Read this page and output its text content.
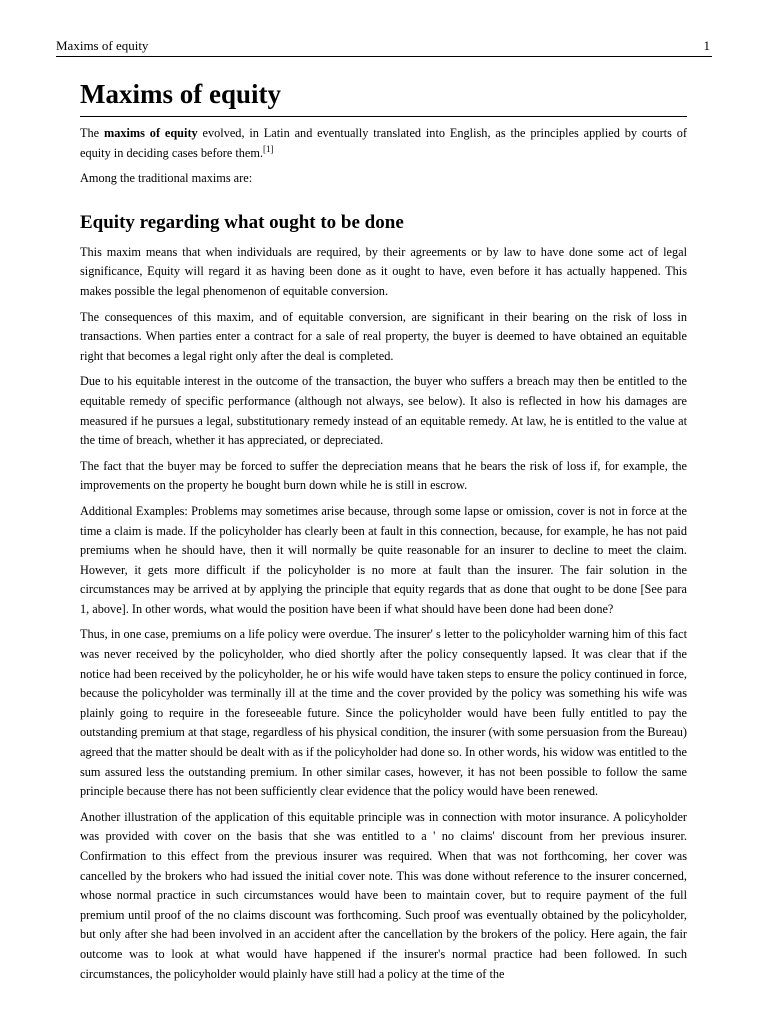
Maxims of equity	1
Maxims of equity

The maxims of equity evolved, in Latin and eventually translated into English, as the principles applied by courts of equity in deciding cases before them.[1]

Among the traditional maxims are:

Equity regarding what ought to be done

This maxim means that when individuals are required, by their agreements or by law to have done some act of legal significance, Equity will regard it as having been done as it ought to have, even before it has actually happened. This makes possible the legal phenomenon of equitable conversion.

The consequences of this maxim, and of equitable conversion, are significant in their bearing on the risk of loss in transactions. When parties enter a contract for a sale of real property, the buyer is deemed to have obtained an equitable right that becomes a legal right only after the deal is completed.

Due to his equitable interest in the outcome of the transaction, the buyer who suffers a breach may then be entitled to the equitable remedy of specific performance (although not always, see below). It also is reflected in how his damages are measured if he pursues a legal, substitutionary remedy instead of an equitable remedy. At law, he is entitled to the value at the time of breach, whether it has appreciated, or depreciated.

The fact that the buyer may be forced to suffer the depreciation means that he bears the risk of loss if, for example, the improvements on the property he bought burn down while he is still in escrow.

Additional Examples: Problems may sometimes arise because, through some lapse or omission, cover is not in force at the time a claim is made. If the policyholder has clearly been at fault in this connection, because, for example, he has not paid premiums when he should have, then it will normally be quite reasonable for an insurer to decline to meet the claim. However, it gets more difficult if the policyholder is no more at fault than the insurer. The fair solution in the circumstances may be arrived at by applying the principle that equity regards that as done that ought to be done [See para 1, above]. In other words, what would the position have been if what should have been done had been done?

Thus, in one case, premiums on a life policy were overdue. The insurer' s letter to the policyholder warning him of this fact was never received by the policyholder, who died shortly after the policy consequently lapsed. It was clear that if the notice had been received by the policyholder, he or his wife would have taken steps to ensure the policy continued in force, because the policyholder was terminally ill at the time and the cover provided by the policy was something his wife was plainly going to require in the foreseeable future. Since the policyholder would have been fully entitled to pay the outstanding premium at that stage, regardless of his physical condition, the insurer (with some persuasion from the Bureau) agreed that the matter should be dealt with as if the policyholder had done so. In other words, his widow was entitled to the sum assured less the outstanding premium. In other similar cases, however, it has not been possible to follow the same principle because there has not been sufficiently clear evidence that the policy would have been renewed.

Another illustration of the application of this equitable principle was in connection with motor insurance. A policyholder was provided with cover on the basis that she was entitled to a ' no claims' discount from her previous insurer. Confirmation to this effect from the previous insurer was required. When that was not forthcoming, her cover was cancelled by the brokers who had issued the initial cover note. This was done without reference to the insurer concerned, whose normal practice in such circumstances would have been to maintain cover, but to require payment of the full premium until proof of the no claims discount was forthcoming. Such proof was eventually obtained by the policyholder, but only after she had been involved in an accident after the cancellation by the brokers of the policy. Here again, the fair outcome was to look at what would have happened if the insurer's normal practice had been followed. In such circumstances, the policyholder would plainly have still had a policy at the time of the
